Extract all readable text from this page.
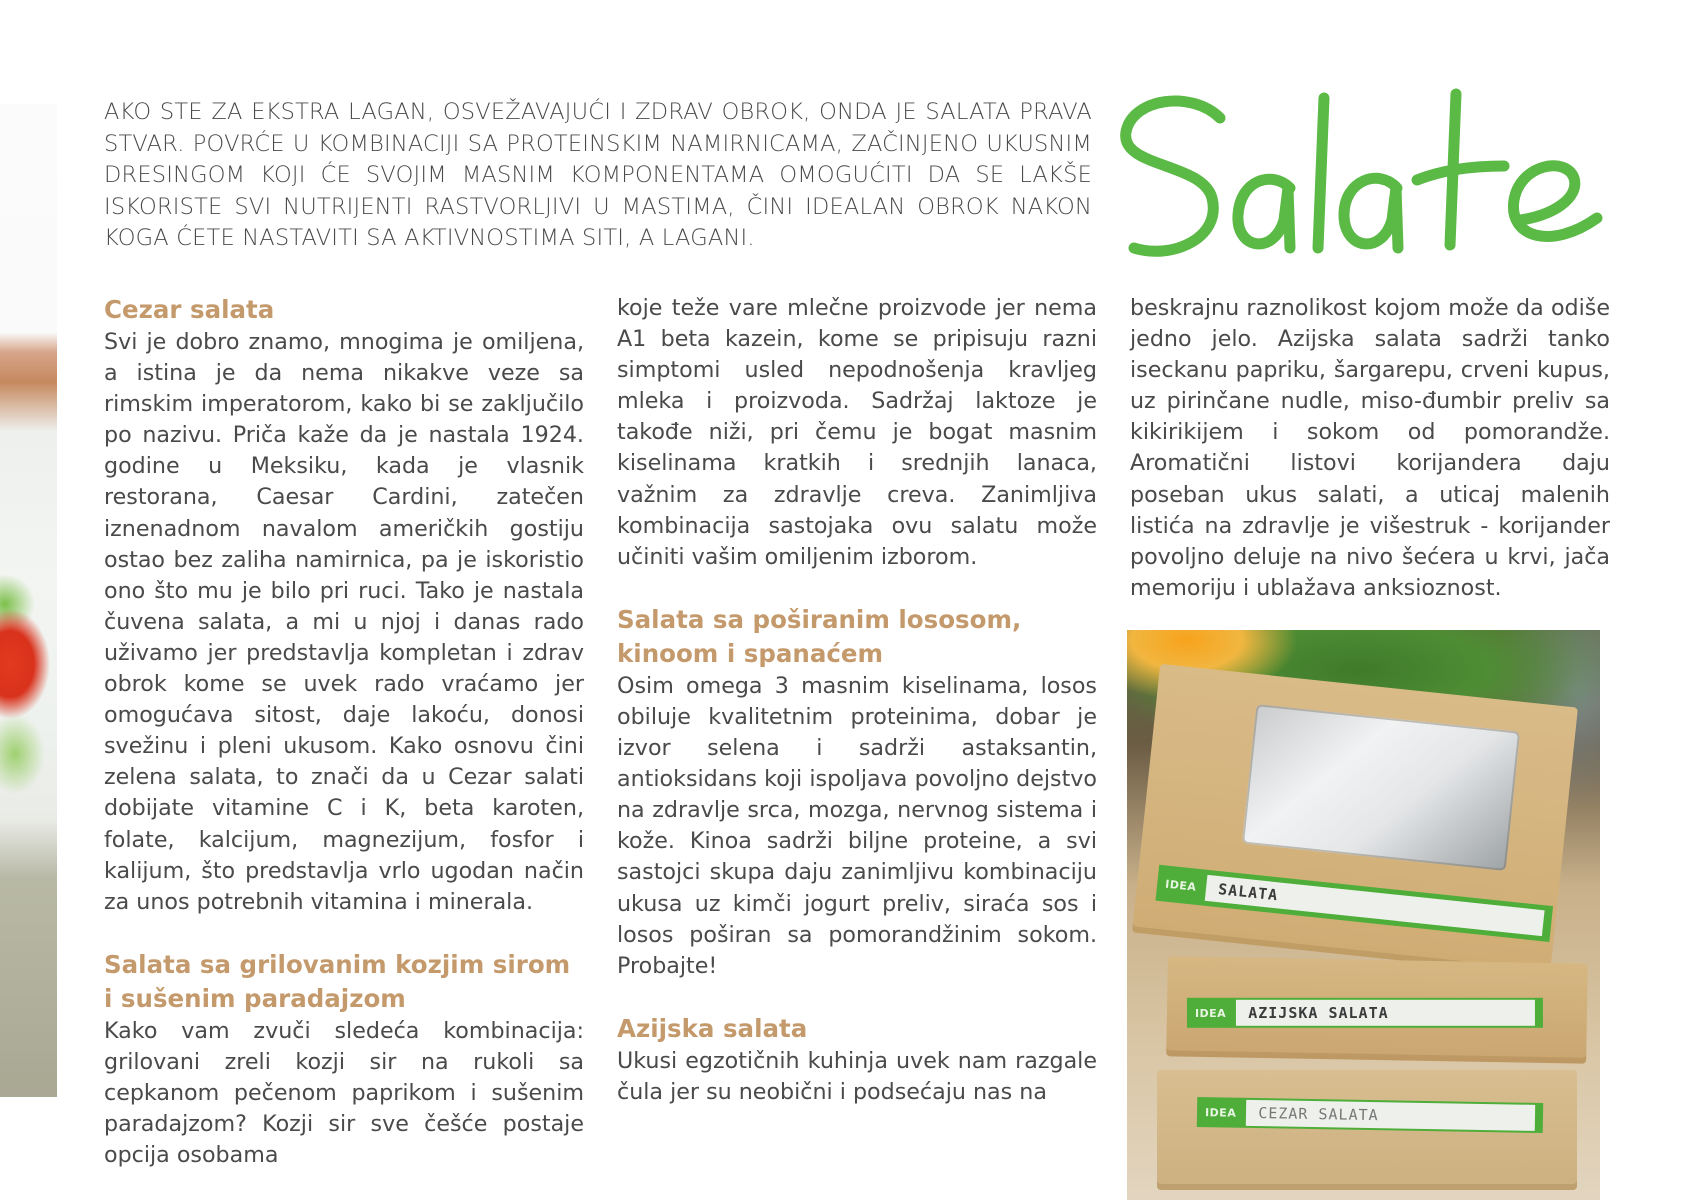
AKO STE ZA EKSTRA LAGAN, OSVEŽAVAJUĆI I ZDRAV OBROK, ONDA JE SALATA PRAVA STVAR. POVRĆE U KOMBINACIJI SA PROTEINSKIM NAMIRNICAMA, ZAČINJENO UKUSNIM DRESINGOM KOJI ĆE SVOJIM MASNIM KOMPONENTAMA OMOGUĆITI DA SE LAKŠE ISKORISTE SVI NUTRIJENTI RASTVORLJIVI U MASTIMA, ČINI IDEALAN OBROK NAKON KOGA ĆETE NASTAVITI SA AKTIVNOSTIMA SITI, A LAGANI.
Salate
Cezar salata

Svi je dobro znamo, mnogima je omiljena, a istina je da nema nikakve veze sa rimskim imperatorom, kako bi se zaključilo po nazivu. Priča kaže da je nastala 1924. godine u Meksiku, kada je vlasnik restorana, Caesar Cardini, zatečen iznenadnom navalom američkih gostiju ostao bez zaliha namirnica, pa je iskoristio ono što mu je bilo pri ruci. Tako je nastala čuvena salata, a mi u njoj i danas rado uživamo jer predstavlja kompletan i zdrav obrok kome se uvek rado vraćamo jer omogućava sitost, daje lakoću, donosi svežinu i pleni ukusom. Kako osnovu čini zelena salata, to znači da u Cezar salati dobijate vitamine C i K, beta karoten, folate, kalcijum, magnezijum, fosfor i kalijum, što predstavlja vrlo ugodan način za unos potrebnih vitamina i minerala.

Salata sa grilovanim kozjim sirom i sušenim paradajzom

Kako vam zvuči sledeća kombinacija: grilovani zreli kozji sir na rukoli sa cepkanom pečenom paprikom i sušenim paradajzom? Kozji sir sve češće postaje opcija osobama

koje teže vare mlečne proizvode jer nema A1 beta kazein, kome se pripisuju razni simptomi usled nepodnošenja kravljeg mleka i proizvoda. Sadržaj laktoze je takođe niži, pri čemu je bogat masnim kiselinama kratkih i srednjih lanaca, važnim za zdravlje creva. Zanimljiva kombinacija sastojaka ovu salatu može učiniti vašim omiljenim izborom.

Salata sa poširanim lososom, kinoom i spanaćem

Osim omega 3 masnim kiselinama, losos obiluje kvalitetnim proteinima, dobar je izvor selena i sadrži astaksantin, antioksidans koji ispoljava povoljno dejstvo na zdravlje srca, mozga, nervnog sistema i kože. Kinoa sadrži biljne proteine, a svi sastojci skupa daju zanimljivu kombinaciju ukusa uz kimči jogurt preliv, siraća sos i losos poširan sa pomorandžinim sokom. Probajte!

Azijska salata

Ukusi egzotičnih kuhinja uvek nam razgale čula jer su neobični i podsećaju nas na

beskrajnu raznolikost kojom može da odiše jedno jelo. Azijska salata sadrži tanko iseckanu papriku, šargarepu, crveni kupus, uz pirinčane nudle, miso-đumbir preliv sa kikirikijem i sokom od pomorandže. Aromatični listovi korijandera daju poseban ukus salati, a uticaj malenih listića na zdravlje je višestruk - korijander povoljno deluje na nivo šećera u krvi, jača memoriju i ublažava anksioznost.

IDEA	SALATA
IDEA	AZIJSKA SALATA
IDEA	CEZAR SALATA
